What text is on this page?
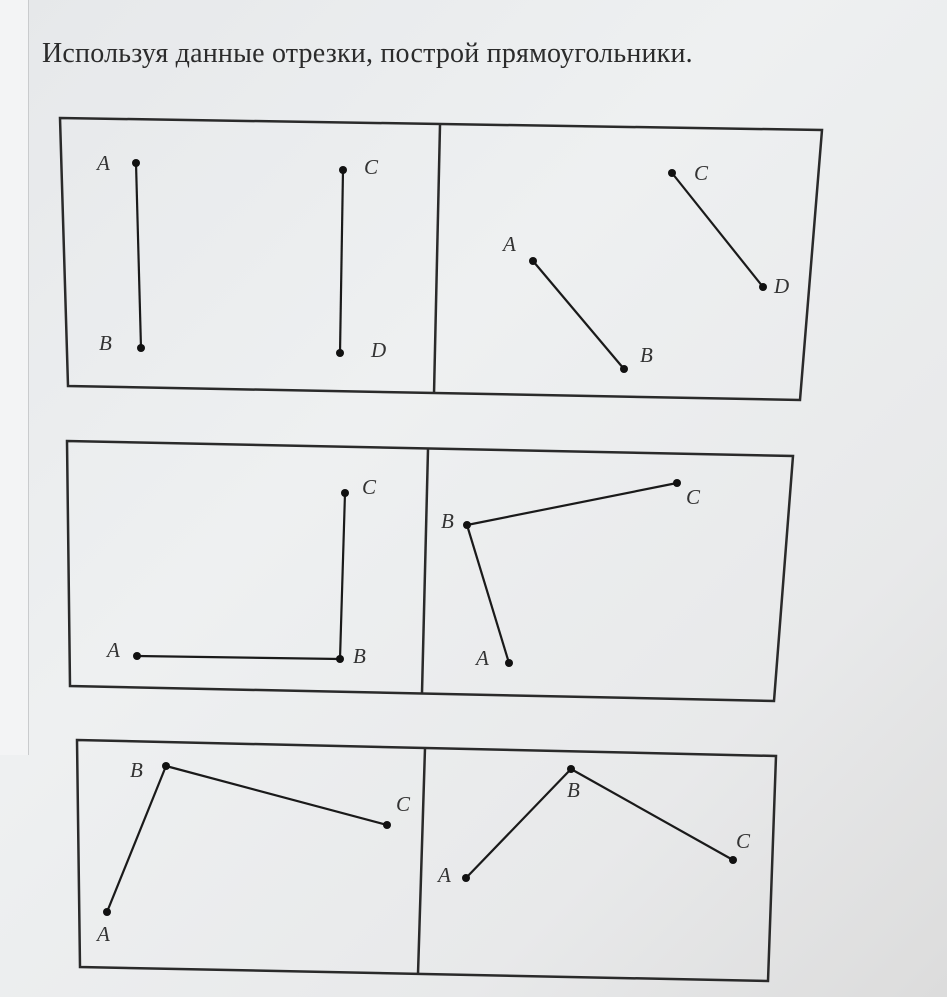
Используя данные отрезки, построй прямоугольники.
A
B
C
D
A
B
C
D
A	B
C
A
B
C
A
B
C
A
B
C
